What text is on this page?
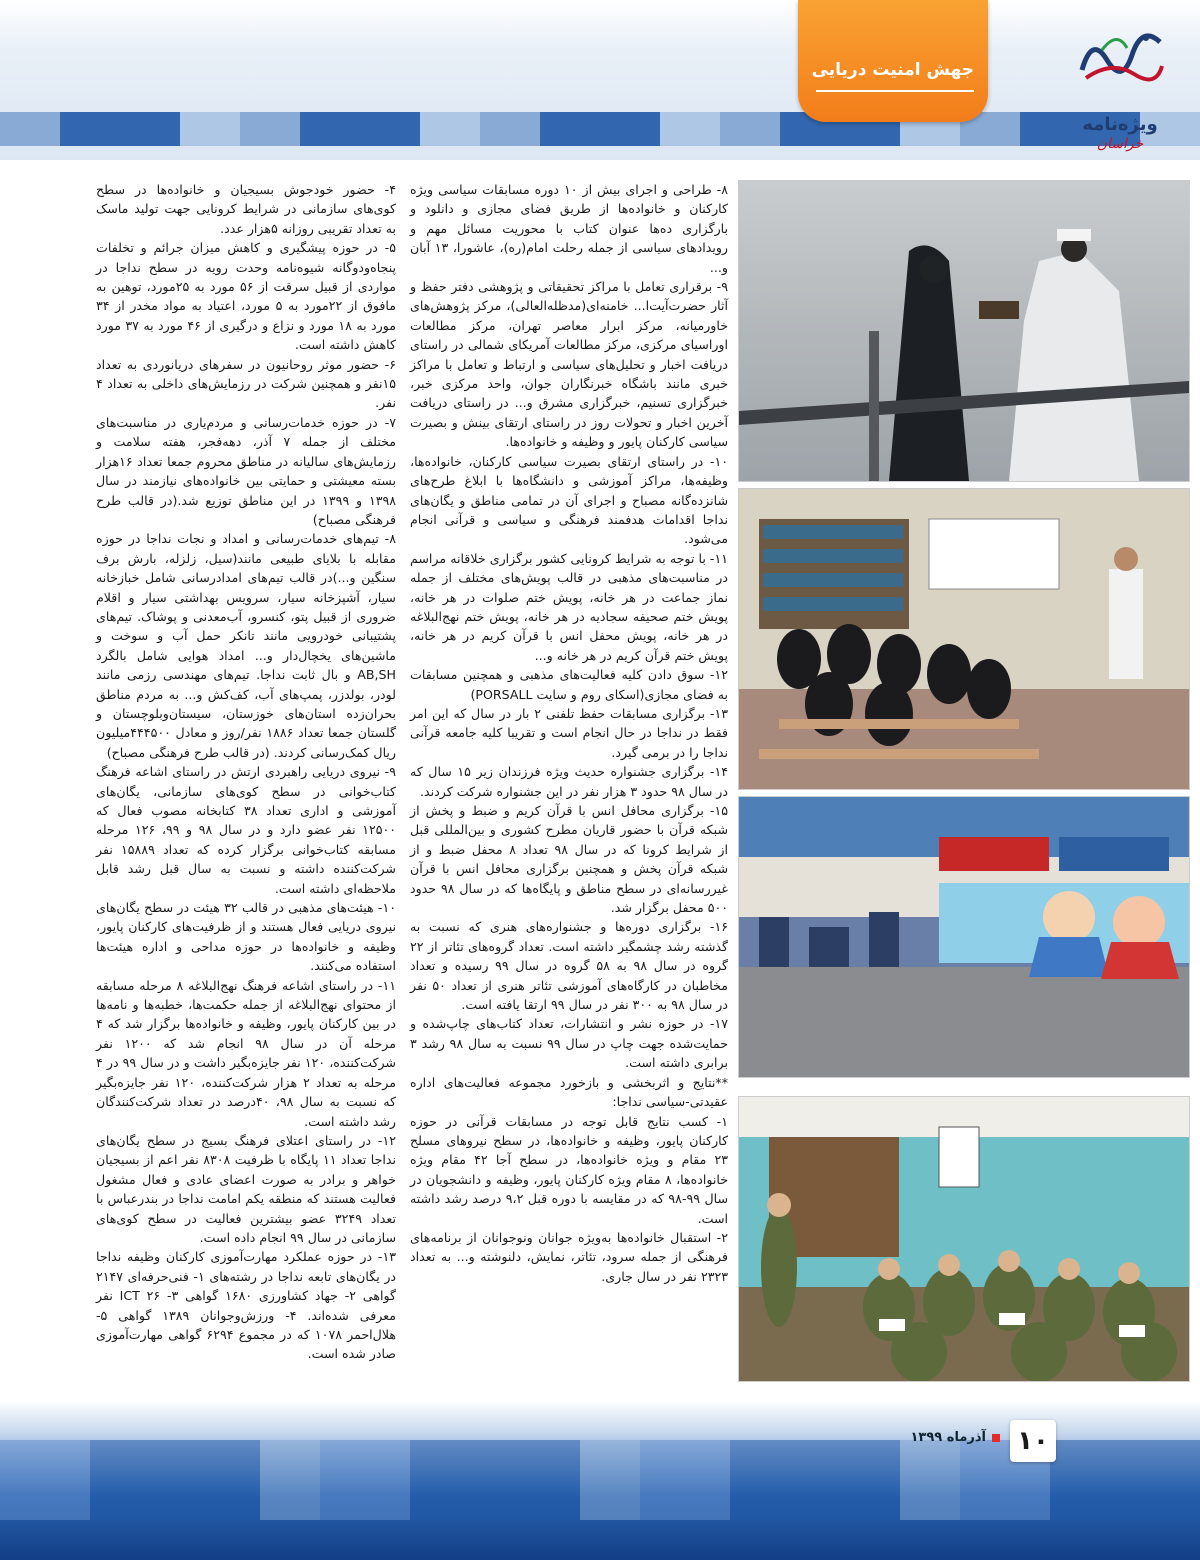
جهش امنیت دریایی
ویژه‌نامه
خراسان

۸- طراحی و اجرای بیش از ۱۰ دوره مسابقات سیاسی ویژه کارکنان و خانواده‌ها از طریق فضای مجازی و دانلود و بارگزاری ده‌ها عنوان کتاب با محوریت مسائل مهم و رویدادهای سیاسی از جمله رحلت امام(ره)، عاشورا، ۱۳ آبان و...

۹- برقراری تعامل با مراکز تحقیقاتی و پژوهشی دفتر حفظ و آثار حضرت‌آیت‌ا... خامنه‌ای(مدظله‌العالی)، مرکز پژوهش‌های خاورمیانه، مرکز ابرار معاصر تهران، مرکز مطالعات اوراسیای مرکزی، مرکز مطالعات آمریکای شمالی در راستای دریافت اخبار و تحلیل‌های سیاسی و ارتباط و تعامل با مراکز خبری مانند باشگاه خبرنگاران جوان، واحد مرکزی خبر، خبرگزاری تسنیم، خبرگزاری مشرق و... در راستای دریافت آخرین اخبار و تحولات روز در راستای ارتقای بینش و بصیرت سیاسی کارکنان پایور و وظیفه و خانواده‌ها.

۱۰- در راستای ارتقای بصیرت سیاسی کارکنان، خانواده‌ها، وظیفه‌ها، مراکز آموزشی و دانشگاه‌ها با ابلاغ طرح‌های شانزده‌گانه مصباح و اجرای آن در تمامی مناطق و یگان‌های نداجا اقدامات هدفمند فرهنگی و سیاسی و قرآنی انجام می‌شود.

۱۱- با توجه به شرایط کرونایی کشور برگزاری خلاقانه مراسم در مناسبت‌های مذهبی در قالب پویش‌های مختلف از جمله نماز جماعت در هر خانه، پویش ختم صلوات در هر خانه، پویش ختم صحیفه سجادیه در هر خانه، پویش ختم نهج‌البلاغه در هر خانه، پویش محفل انس با قرآن کریم در هر خانه، پویش ختم قرآن کریم در هر خانه و...

۱۲- سوق دادن کلیه فعالیت‌های مذهبی و همچنین مسابقات به فضای مجازی(اسکای روم و سایت PORSALL)

۱۳- برگزاری مسابقات حفظ تلفنی ۲ بار در سال که این امر فقط در نداجا در حال انجام است و تقریبا کلیه جامعه قرآنی نداجا را در برمی گیرد.

۱۴- برگزاری جشنواره حدیث ویژه فرزندان زیر ۱۵ سال که در سال ۹۸ حدود ۳ هزار نفر در این جشنواره شرکت کردند.

۱۵- برگزاری محافل انس با قرآن کریم و ضبط و پخش از شبکه قرآن با حضور قاریان مطرح کشوری و بین‌المللی قبل از شرایط کرونا که در سال ۹۸ تعداد ۸ محفل ضبط و از شبکه قرآن پخش و همچنین برگزاری محافل انس با قرآن غیررسانه‌ای در سطح مناطق و پایگاه‌ها که در سال ۹۸ حدود ۵۰۰ محفل برگزار شد.

۱۶- برگزاری دوره‌ها و جشنواره‌های هنری که نسبت به گذشته رشد چشمگیر داشته است. تعداد گروه‌های تئاتر از ۲۲ گروه در سال ۹۸ به ۵۸ گروه در سال ۹۹ رسیده و تعداد مخاطبان در کارگاه‌های آموزشی تئاتر هنری از تعداد ۵۰ نفر در سال ۹۸ به ۳۰۰ نفر در سال ۹۹ ارتقا یافته است.

۱۷- در حوزه نشر و انتشارات، تعداد کتاب‌های چاپ‌شده و حمایت‌شده جهت چاپ در سال ۹۹ نسبت به سال ۹۸ رشد ۳ برابری داشته است.

**نتایج و اثربخشی و بازخورد مجموعه فعالیت‌های اداره عقیدتی-سیاسی نداجا:

۱- کسب نتایج قابل توجه در مسابقات قرآنی در حوزه کارکنان پایور، وظیفه و خانواده‌ها، در سطح نیروهای مسلح ۲۳ مقام و ویژه خانواده‌ها، در سطح آجا ۴۲ مقام ویژه خانواده‌ها، ۸ مقام ویژه کارکنان پایور، وظیفه و دانشجویان در سال ۹۹-۹۸ که در مقایسه با دوره قبل ۹،۲ درصد رشد داشته است.

۲- استقبال خانواده‌ها به‌ویژه جوانان ونوجوانان از برنامه‌های فرهنگی از جمله سرود، تئاتر، نمایش، دلنوشته و... به تعداد ۲۳۲۳ نفر در سال جاری.

۴- حضور خودجوش بسیجیان و خانواده‌ها در سطح کوی‌های سازمانی در شرایط کرونایی جهت تولید ماسک به تعداد تقریبی روزانه ۵هزار عدد.

۵- در حوزه پیشگیری و کاهش میزان جرائم و تخلفات پنجاه‌ودوگانه شیوه‌نامه وحدت رویه در سطح نداجا در مواردی از قبیل سرقت از ۵۶ مورد به ۲۵مورد، توهین به مافوق از ۲۲مورد به ۵ مورد، اعتیاد به مواد مخدر از ۳۴ مورد به ۱۸ مورد و نزاع و درگیری از ۴۶ مورد به ۳۷ مورد کاهش داشته است.

۶- حضور موثر روحانیون در سفرهای دریانوردی به تعداد ۱۵نفر و همچنین شرکت در رزمایش‌های داخلی به تعداد ۴ نفر.

۷- در حوزه خدمات‌رسانی و مردم‌یاری در مناسبت‌های مختلف از جمله ۷ آذر، دهه‌فجر، هفته سلامت و رزمایش‌های سالیانه در مناطق محروم جمعا تعداد ۱۶هزار بسته معیشتی و حمایتی بین خانواده‌های نیازمند در سال ۱۳۹۸ و ۱۳۹۹ در این مناطق توزیع شد.(در قالب طرح فرهنگی مصباح)

۸- تیم‌های خدمات‌رسانی و امداد و نجات نداجا در حوزه مقابله با بلایای طبیعی مانند(سیل، زلزله، بارش برف سنگین و...)در قالب تیم‌های امدادرسانی شامل خبازخانه سیار، آشپزخانه سیار، سرویس بهداشتی سیار و اقلام ضروری از قبیل پتو، کنسرو، آب‌معدنی و پوشاک. تیم‌های پشتیبانی خودرویی مانند تانکر حمل آب و سوخت و ماشین‌های یخچال‌دار و... امداد هوایی شامل بالگرد AB,SH و بال ثابت نداجا. تیم‌های مهندسی رزمی مانند لودر، بولدزر، پمپ‌های آب، کف‌کش و... به مردم مناطق بحران‌زده استان‌های خوزستان، سیستان‌وبلوچستان و گلستان جمعا تعداد ۱۸۸۶ نفر/روز و معادل ۴۴۴۵۰۰میلیون ریال کمک‌رسانی کردند. (در قالب طرح فرهنگی مصباح)

۹- نیروی دریایی راهبردی ارتش در راستای اشاعه فرهنگ کتاب‌خوانی در سطح کوی‌های سازمانی، یگان‌های آموزشی و اداری تعداد ۳۸ کتابخانه مصوب فعال که ۱۲۵۰۰ نفر عضو دارد و در سال ۹۸ و ۹۹، ۱۲۶ مرحله مسابقه کتاب‌خوانی برگزار کرده که تعداد ۱۵۸۸۹ نفر شرکت‌کننده داشته و نسبت به سال قبل رشد قابل ملاحظه‌ای داشته است.

۱۰- هیئت‌های مذهبی در قالب ۳۲ هیئت در سطح یگان‌های نیروی دریایی فعال هستند و از ظرفیت‌های کارکنان پایور، وظیفه و خانواده‌ها در حوزه مداحی و اداره هیئت‌ها استفاده می‌کنند.

۱۱- در راستای اشاعه فرهنگ نهج‌البلاغه ۸ مرحله مسابقه از محتوای نهج‌البلاغه از جمله حکمت‌ها، خطبه‌ها و نامه‌ها در بین کارکنان پایور، وظیفه و خانواده‌ها برگزار شد که ۴ مرحله آن در سال ۹۸ انجام شد که ۱۲۰۰ نفر شرکت‌کننده، ۱۲۰ نفر جایزه‌بگیر داشت و در سال ۹۹ در ۴ مرحله به تعداد ۲ هزار شرکت‌کننده، ۱۲۰ نفر جایزه‌بگیر که نسبت به سال ۹۸، ۴۰درصد در تعداد شرکت‌کنندگان رشد داشته است.

۱۲- در راستای اعتلای فرهنگ بسیج در سطح یگان‌های نداجا تعداد ۱۱ پایگاه با ظرفیت ۸۳۰۸ نفر اعم از بسیجیان خواهر و برادر به صورت اعضای عادی و فعال مشغول فعالیت هستند که منطقه یکم امامت نداجا در بندرعباس با تعداد ۳۲۴۹ عضو بیشترین فعالیت در سطح کوی‌های سازمانی در سال ۹۹ انجام داده است.

۱۳- در حوزه عملکرد مهارت‌آموزی کارکنان وظیفه نداجا در یگان‌های تابعه نداجا در رشته‌های ۱- فنی‌حرفه‌ای ۲۱۴۷ گواهی ۲- جهاد کشاورزی ۱۶۸۰ گواهی ۳- ICT ۲۶ نفر معرفی شده‌اند. ۴- ورزش‌وجوانان ۱۳۸۹ گواهی ۵- هلال‌احمر ۱۰۷۸ که در مجموع ۶۲۹۴ گواهی مهارت‌آموزی صادر شده است.

۱۰
آذرماه ۱۳۹۹
